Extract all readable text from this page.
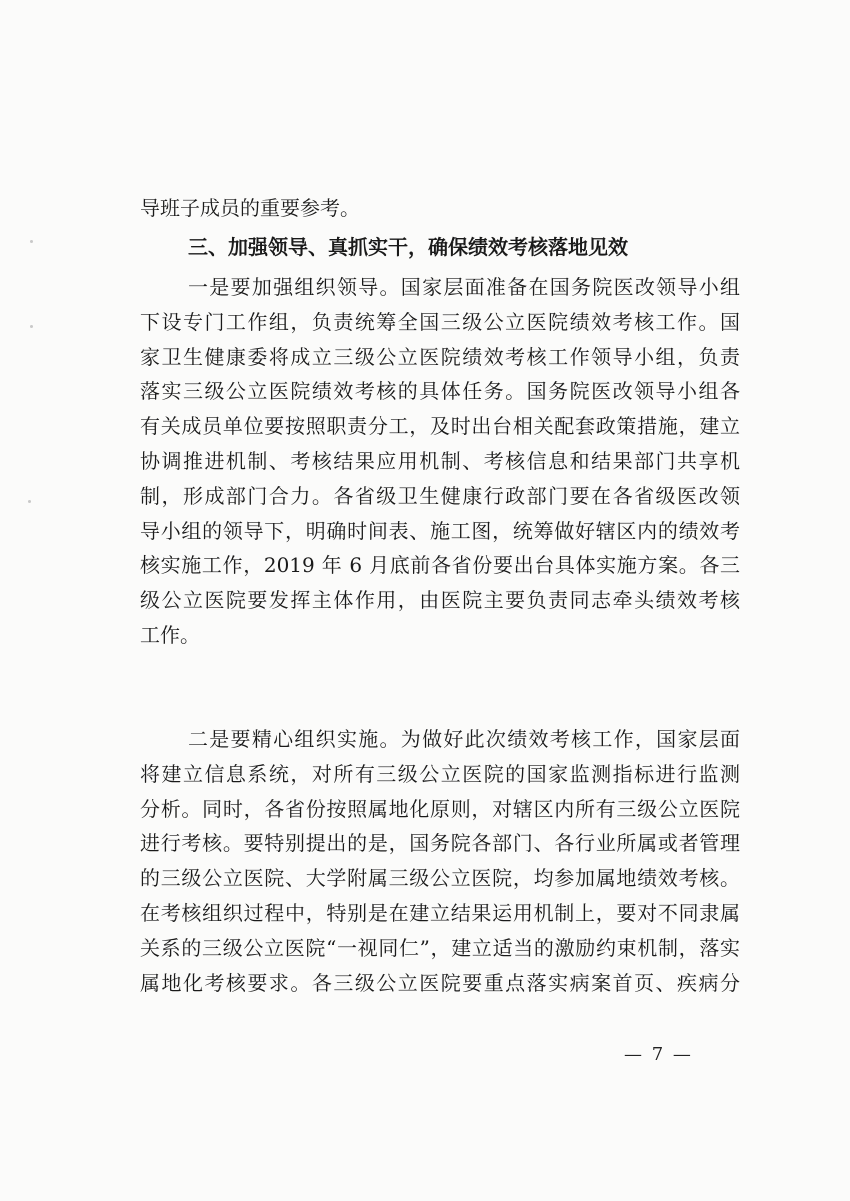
导班子成员的重要参考。
三、加强领导、真抓实干，确保绩效考核落地见效
一是要加强组织领导。国家层面准备在国务院医改领导小组
下设专门工作组，负责统筹全国三级公立医院绩效考核工作。国
家卫生健康委将成立三级公立医院绩效考核工作领导小组，负责
落实三级公立医院绩效考核的具体任务。国务院医改领导小组各
有关成员单位要按照职责分工，及时出台相关配套政策措施，建立
协调推进机制、考核结果应用机制、考核信息和结果部门共享机
制，形成部门合力。各省级卫生健康行政部门要在各省级医改领
导小组的领导下，明确时间表、施工图，统筹做好辖区内的绩效考
核实施工作，2019 年 6 月底前各省份要出台具体实施方案。各三
级公立医院要发挥主体作用，由医院主要负责同志牵头绩效考核
工作。
二是要精心组织实施。为做好此次绩效考核工作，国家层面
将建立信息系统，对所有三级公立医院的国家监测指标进行监测
分析。同时，各省份按照属地化原则，对辖区内所有三级公立医院
进行考核。要特别提出的是，国务院各部门、各行业所属或者管理
的三级公立医院、大学附属三级公立医院，均参加属地绩效考核。
在考核组织过程中，特别是在建立结果运用机制上，要对不同隶属
关系的三级公立医院“一视同仁”，建立适当的激励约束机制，落实
属地化考核要求。各三级公立医院要重点落实病案首页、疾病分
— 7 —
